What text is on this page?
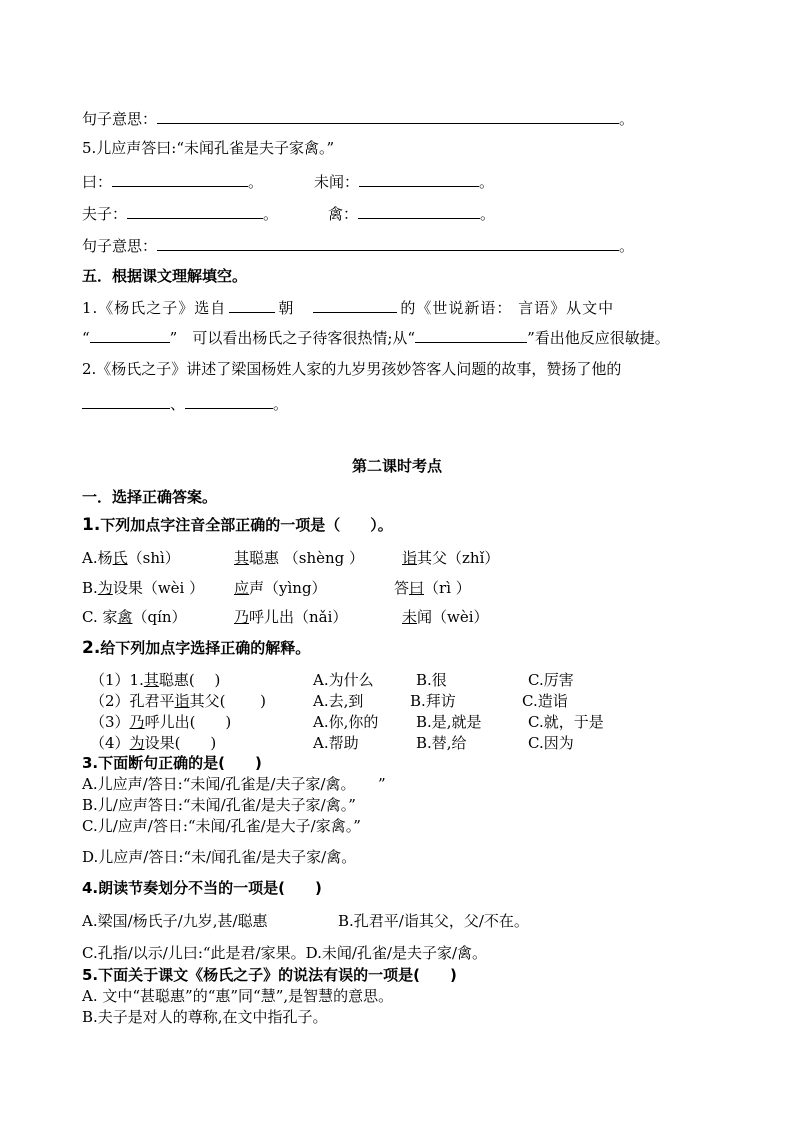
句子意思：	。
5.儿应声答曰:“未闻孔雀是夫子家禽。”
曰：	。	未闻：	。
夫子：	。	禽：	。
句子意思：	。
五．根据课文理解填空。
1.《杨氏之子》选自	朝　	的《世说新语： 言语》从文中
“	”　可以看出杨氏之子待客很热情;从“	”看出他反应很敏捷。
2.《杨氏之子》讲述了梁国杨姓人家的九岁男孩妙答客人问题的故事，赞扬了他的
、	。
第二课时考点
一．选择正确答案。
1.下列加点字注音全部正确的一项是（　　）。
A.杨氏（shì）	其聪惠 （shèng ）	诣其父（zhǐ）
B.为设果（wèi ） 应声（yìng）	答曰（rì ）
C. 家禽（qín）	乃呼儿出（nǎi）	未闻（wèi）
2.给下列加点字选择正确的解释。
（1）1.其聪惠(　 )	A.为什么	B.很	C.厉害
（2）孔君平诣其父(　　 )	A.去,到	B.拜访	C.造诣
（3）乃呼儿出(　　)	A.你,你的	B.是,就是	C.就，于是
（4）为设果(　　)	A.帮助	B.替,给	C.因为
3.下面断句正确的是(　　)
A.儿应声/答日:“未闻/孔雀是/夫子家/禽。　　”
B.儿/应声答日:“未闻/孔雀/是夫子家/禽。”
C.儿/应声/答日:“未闻/孔雀/是大子/家禽。”
D.儿应声/答日:“未/闻孔雀/是夫子家/禽。
4.朗读节奏划分不当的一项是(　　)
A.梁国/杨氏子/九岁,甚/聪惠	B.孔君平/诣其父，父/不在。
C.孔指/以示/儿曰:“此是君/家果。D.未闻/孔雀/是夫子家/禽。
5.下面关于课文《杨氏之子》的说法有误的一项是(　　)
A. 文中“甚聪惠”的“惠”同“慧”,是智慧的意思。
B.夫子是对人的尊称,在文中指孔子。
